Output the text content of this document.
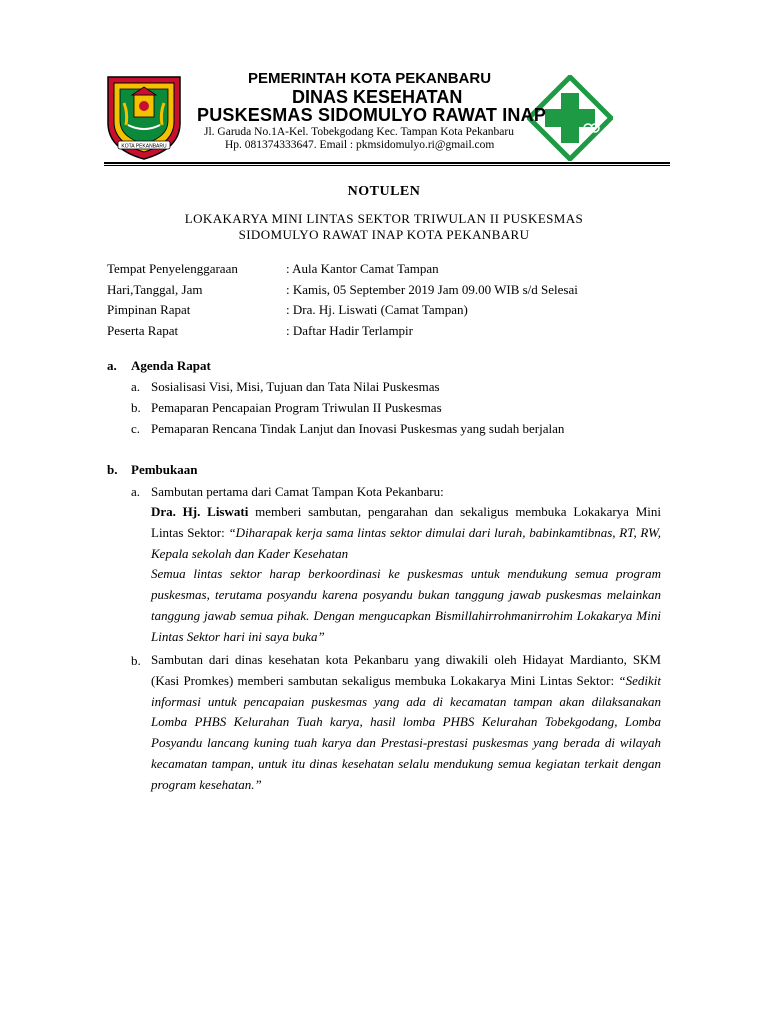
KOTA PEKANBARU
PEMERINTAH KOTA PEKANBARU
DINAS KESEHATAN
PUSKESMAS SIDOMULYO RAWAT INAP
Jl. Garuda No.1A-Kel. Tobekgodang Kec. Tampan Kota Pekanbaru
Hp. 081374333647. Email : pkmsidomulyo.ri@gmail.com
NOTULEN
LOKAKARYA MINI LINTAS SEKTOR TRIWULAN II PUSKESMAS
SIDOMULYO RAWAT INAP KOTA PEKANBARU
Tempat Penyelenggaraan	: Aula Kantor Camat Tampan
Hari,Tanggal, Jam	: Kamis, 05 September 2019 Jam 09.00 WIB s/d Selesai
Pimpinan Rapat	: Dra. Hj. Liswati (Camat Tampan)
Peserta Rapat	: Daftar Hadir Terlampir
a. Agenda Rapat
a. Sosialisasi Visi, Misi, Tujuan dan Tata Nilai Puskesmas
b. Pemaparan Pencapaian Program Triwulan II Puskesmas
c. Pemaparan Rencana Tindak Lanjut dan Inovasi Puskesmas yang sudah berjalan
b. Pembukaan
a. Sambutan pertama dari Camat Tampan Kota Pekanbaru:

Dra. Hj. Liswati memberi sambutan, pengarahan dan sekaligus membuka Lokakarya Mini Lintas Sektor: “Diharapak kerja sama lintas sektor dimulai dari lurah, babinkamtibnas, RT, RW, Kepala sekolah dan Kader Kesehatan

Semua lintas sektor harap berkoordinasi ke puskesmas untuk mendukung semua program puskesmas, terutama posyandu karena posyandu bukan tanggung jawab puskesmas melainkan tanggung jawab semua pihak. Dengan mengucapkan Bismillahirrohmanirrohim Lokakarya Mini Lintas Sektor hari ini saya buka”

b. Sambutan dari dinas kesehatan kota Pekanbaru yang diwakili oleh Hidayat Mardianto, SKM (Kasi Promkes) memberi sambutan sekaligus membuka Lokakarya Mini Lintas Sektor: “Sedikit informasi untuk pencapaian puskesmas yang ada di kecamatan tampan akan dilaksanakan Lomba PHBS Kelurahan Tuah karya, hasil lomba PHBS Kelurahan Tobekgodang, Lomba Posyandu lancang kuning tuah karya dan Prestasi-prestasi puskesmas yang berada di wilayah kecamatan tampan, untuk itu dinas kesehatan selalu mendukung semua kegiatan terkait dengan program kesehatan.”
